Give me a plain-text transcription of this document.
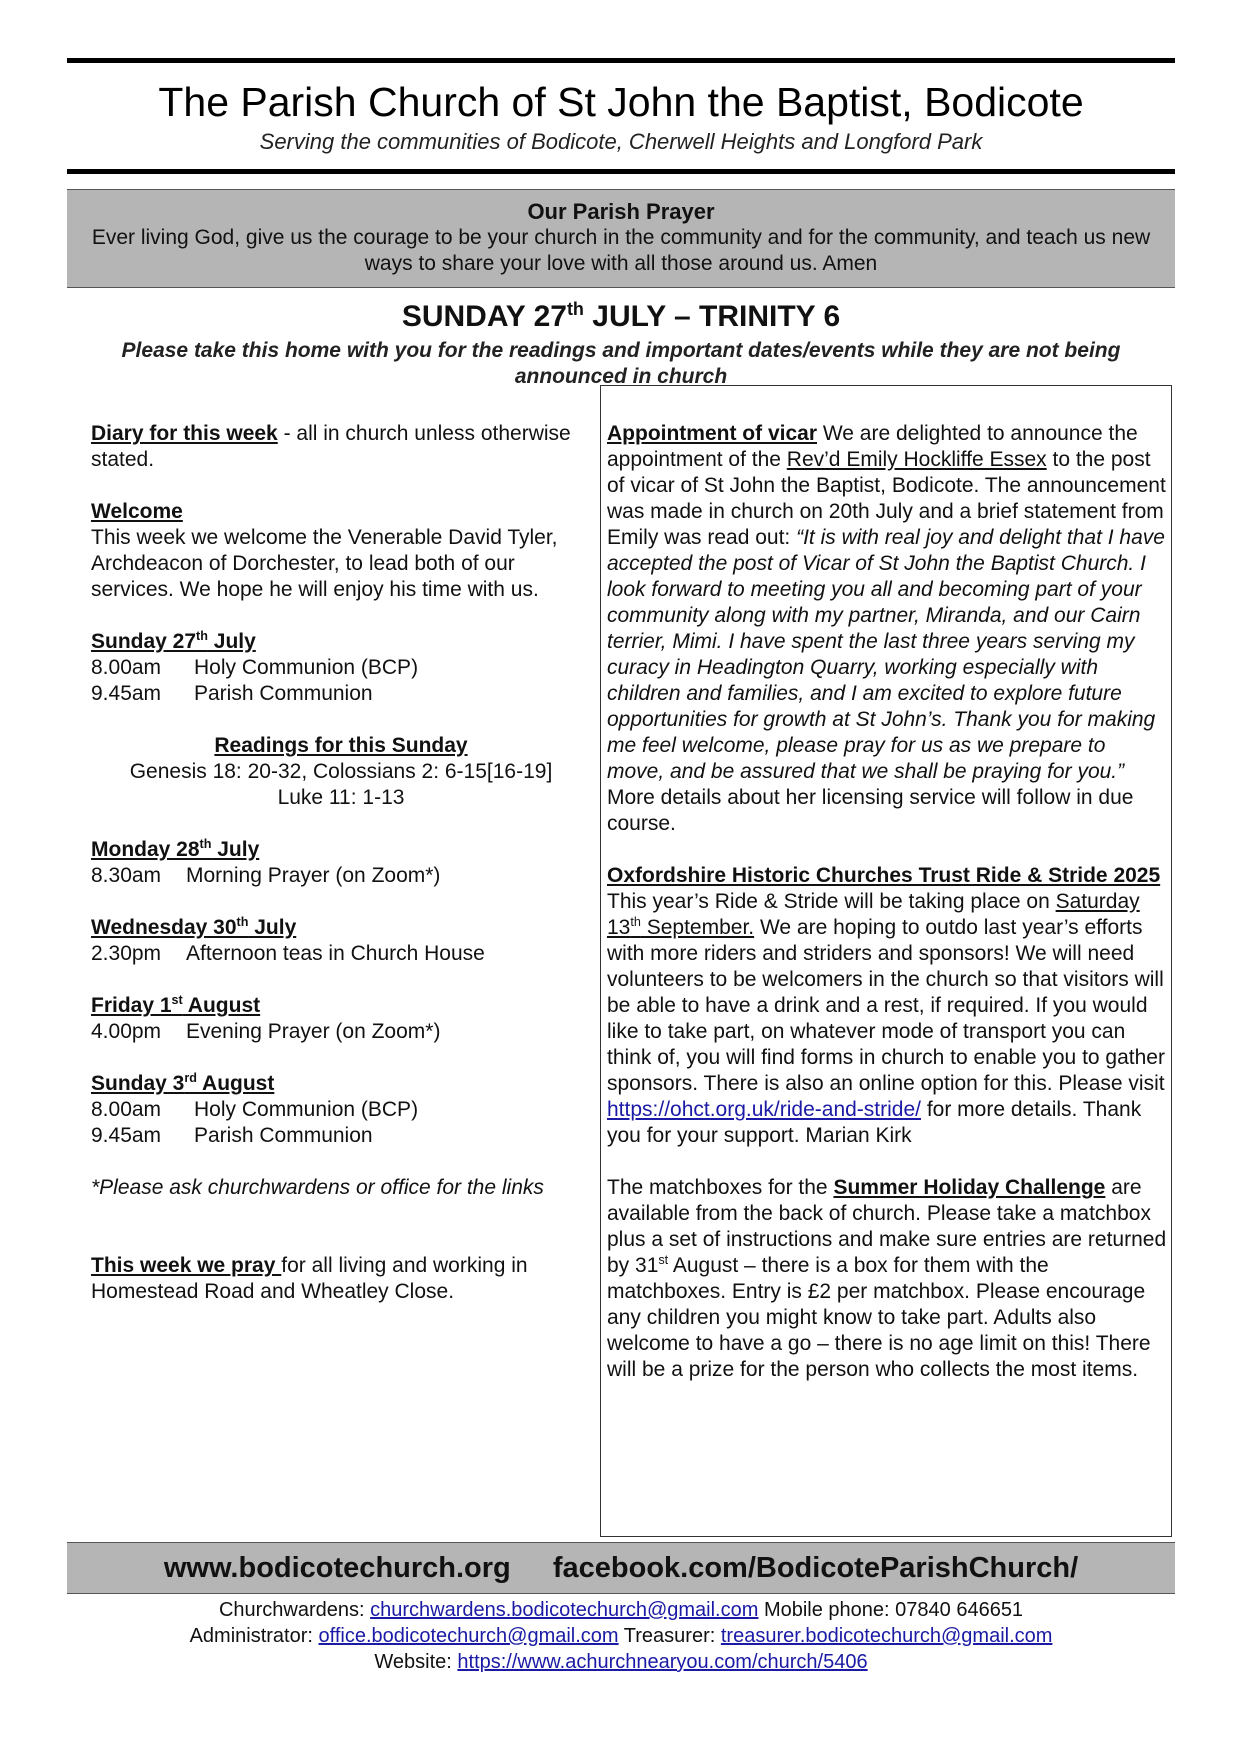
The Parish Church of St John the Baptist, Bodicote
Serving the communities of Bodicote, Cherwell Heights and Longford Park
Our Parish Prayer
Ever living God, give us the courage to be your church in the community and for the community, and teach us new ways to share your love with all those around us. Amen
SUNDAY 27th JULY – TRINITY 6
Please take this home with you for the readings and important dates/events while they are not being announced in church

Diary for this week - all in church unless otherwise stated.

Welcome

This week we welcome the Venerable David Tyler, Archdeacon of Dorchester, to lead both of our services. We hope he will enjoy his time with us.

Sunday 27th July

8.00am Holy Communion (BCP)

9.45am Parish Communion

Readings for this Sunday

Genesis 18: 20-32, Colossians 2: 6-15[16-19]

Luke 11: 1-13

Monday 28th July

8.30am Morning Prayer (on Zoom*)

Wednesday 30th July

2.30pm Afternoon teas in Church House

Friday 1st August

4.00pm Evening Prayer (on Zoom*)

Sunday 3rd August

8.00am Holy Communion (BCP)

9.45am Parish Communion

*Please ask churchwardens or office for the links

This week we pray for all living and working in Homestead Road and Wheatley Close.

Appointment of vicar We are delighted to announce the appointment of the Rev’d Emily Hockliffe Essex to the post of vicar of St John the Baptist, Bodicote. The announcement was made in church on 20th July and a brief statement from Emily was read out: “It is with real joy and delight that I have accepted the post of Vicar of St John the Baptist Church. I look forward to meeting you all and becoming part of your community along with my partner, Miranda, and our Cairn terrier, Mimi. I have spent the last three years serving my curacy in Headington Quarry, working especially with children and families, and I am excited to explore future opportunities for growth at St John’s. Thank you for making me feel welcome, please pray for us as we prepare to move, and be assured that we shall be praying for you.” More details about her licensing service will follow in due course.

Oxfordshire Historic Churches Trust Ride & Stride 2025 This year’s Ride & Stride will be taking place on Saturday 13th September. We are hoping to outdo last year’s efforts with more riders and striders and sponsors! We will need volunteers to be welcomers in the church so that visitors will be able to have a drink and a rest, if required. If you would like to take part, on whatever mode of transport you can think of, you will find forms in church to enable you to gather sponsors. There is also an online option for this. Please visit https://ohct.org.uk/ride-and-stride/ for more details. Thank you for your support. Marian Kirk

The matchboxes for the Summer Holiday Challenge are available from the back of church. Please take a matchbox plus a set of instructions and make sure entries are returned by 31st August – there is a box for them with the matchboxes. Entry is £2 per matchbox. Please encourage any children you might know to take part. Adults also welcome to have a go – there is no age limit on this! There will be a prize for the person who collects the most items.

www.bodicotechurch.org facebook.com/BodicoteParishChurch/
Churchwardens: churchwardens.bodicotechurch@gmail.com Mobile phone: 07840 646651
Administrator: office.bodicotechurch@gmail.com Treasurer: treasurer.bodicotechurch@gmail.com
Website: https://www.achurchnearyou.com/church/5406
